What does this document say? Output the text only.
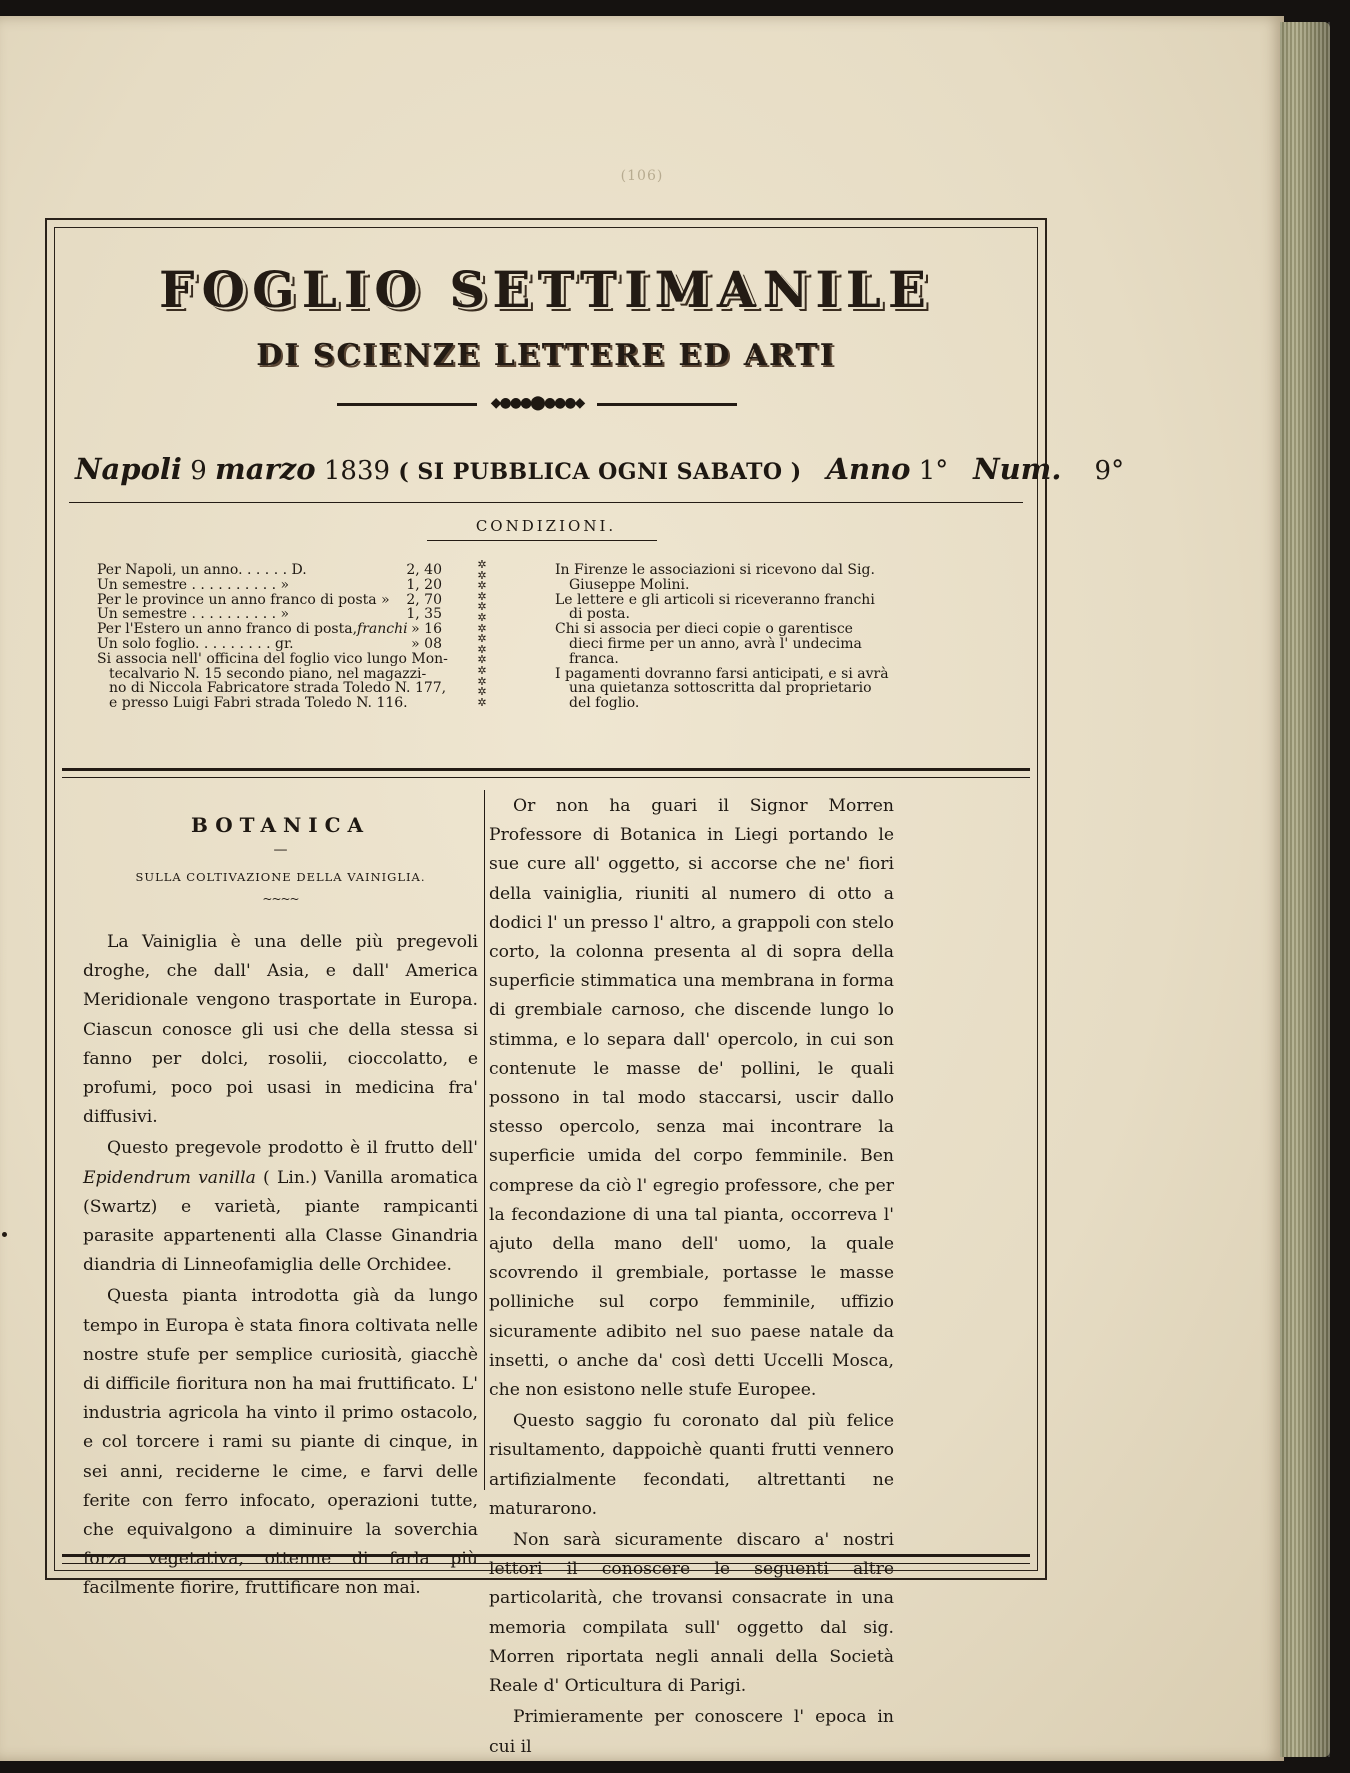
(106)
FOGLIO SETTIMANILE
DI SCIENZE LETTERE ED ARTI
◆●●●⬤●●●◆
Napoli 9 marzo 1839 ( SI PUBBLICA OGNI SABATO ) Anno 1° Num. 9°
CONDIZIONI.
Per Napoli, un anno. . . . . . D.	2, 40
Un semestre . . . . . . . . . . »	1, 20
Per le province un anno franco di posta » 2, 70
Un semestre . . . . . . . . . . »	1, 35
Per l'Estero un anno franco di posta,franchi » 16
Un solo foglio. . . . . . . . . gr.	» 08
Si associa nell' officina del foglio vico lungo Mon-
tecalvario N. 15 secondo piano, nel magazzi-
no di Niccola Fabricatore strada Toledo N. 177,
e presso Luigi Fabri strada Toledo N. 116.
✲
✲
✲
✲
✲
✲
✲
✲
✲
✲
✲
✲
✲
✲
In Firenze le associazioni si ricevono dal Sig.
Giuseppe Molini.
Le lettere e gli articoli si riceveranno franchi
di posta.
Chi si associa per dieci copie o garentisce
dieci firme per un anno, avrà l' undecima
franca.
I pagamenti dovranno farsi anticipati, e si avrà
una quietanza sottoscritta dal proprietario
del foglio.
BOTANICA
—
SULLA COLTIVAZIONE DELLA VAINIGLIA.
~~~~

La Vainiglia è una delle più pregevoli droghe, che dall' Asia, e dall' America Meridionale vengono trasportate in Europa. Ciascun conosce gli usi che della stessa si fanno per dolci, rosolii, cioccolatto, e profumi, poco poi usasi in medicina fra' diffusivi.

Questo pregevole prodotto è il frutto dell' Epidendrum vanilla ( Lin.) Vanilla aromatica (Swartz) e varietà, piante rampicanti parasite appartenenti alla Classe Ginandria diandria di Linneofamiglia delle Orchidee.

Questa pianta introdotta già da lungo tempo in Europa è stata finora coltivata nelle nostre stufe per semplice curiosità, giacchè di difficile fioritura non ha mai fruttificato. L' industria agricola ha vinto il primo ostacolo, e col torcere i rami su piante di cinque, in sei anni, reciderne le cime, e farvi delle ferite con ferro infocato, operazioni tutte, che equivalgono a diminuire la soverchia forza vegetativa, ottenne di farla più facilmente fiorire, fruttificare non mai.

Or non ha guari il Signor Morren Professore di Botanica in Liegi portando le sue cure all' oggetto, si accorse che ne' fiori della vainiglia, riuniti al numero di otto a dodici l' un presso l' altro, a grappoli con stelo corto, la colonna presenta al di sopra della superficie stimmatica una membrana in forma di grembiale carnoso, che discende lungo lo stimma, e lo separa dall' opercolo, in cui son contenute le masse de' pollini, le quali possono in tal modo staccarsi, uscir dallo stesso opercolo, senza mai incontrare la superficie umida del corpo femminile. Ben comprese da ciò l' egregio professore, che per la fecondazione di una tal pianta, occorreva l' ajuto della mano dell' uomo, la quale scovrendo il grembiale, portasse le masse polliniche sul corpo femminile, uffizio sicuramente adibito nel suo paese natale da insetti, o anche da' così detti Uccelli Mosca, che non esistono nelle stufe Europee.

Questo saggio fu coronato dal più felice risultamento, dappoichè quanti frutti vennero artifizialmente fecondati, altrettanti ne maturarono.

Non sarà sicuramente discaro a' nostri lettori il conoscere le seguenti altre particolarità, che trovansi consacrate in una memoria compilata sull' oggetto dal sig. Morren riportata negli annali della Società Reale d' Orticultura di Parigi.

Primieramente per conoscere l' epoca in cui il
